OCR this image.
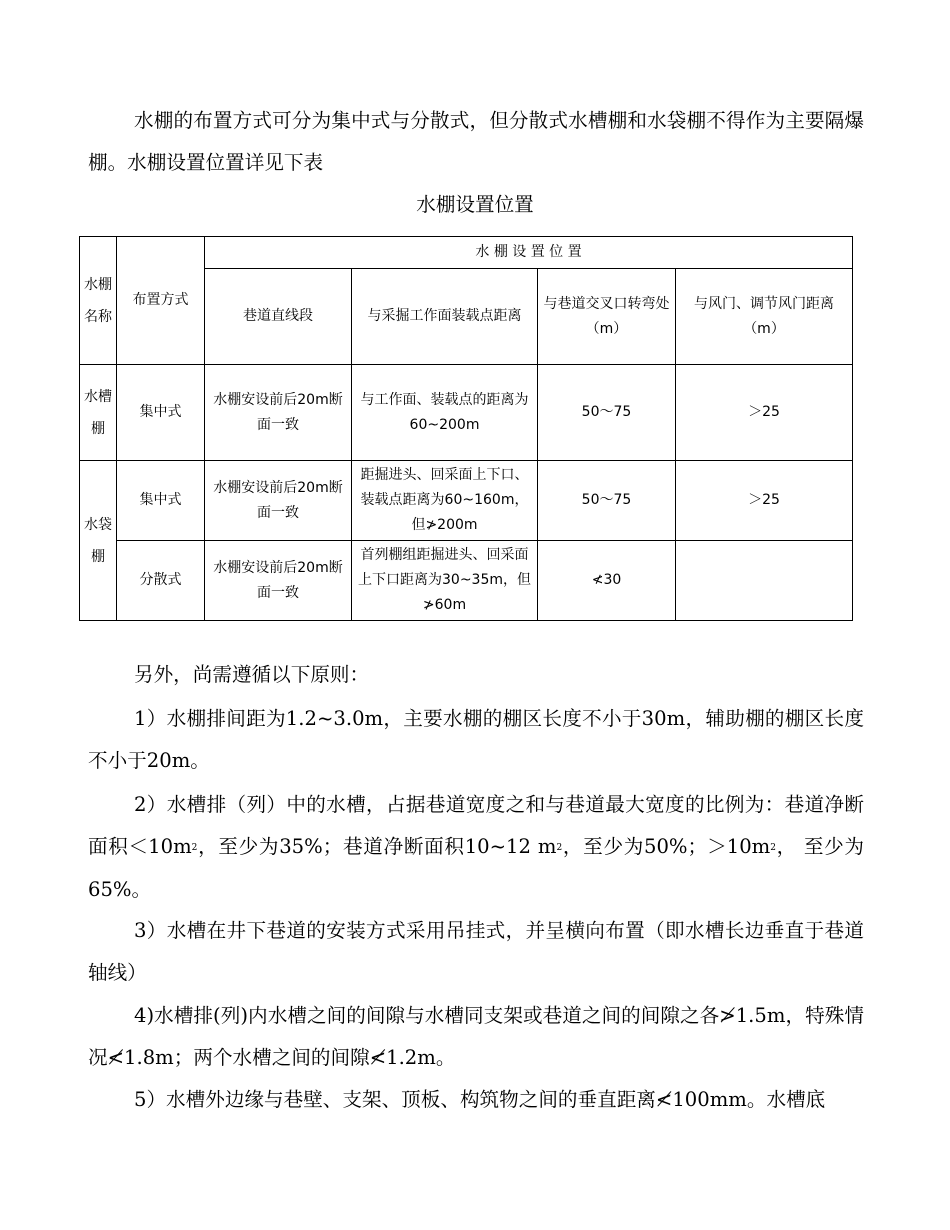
水棚的布置方式可分为集中式与分散式，但分散式水槽棚和水袋棚不得作为主要隔爆棚。水棚设置位置详见下表

水棚设置位置
水棚名称	布置方式	水 棚 设 置 位 置			
		巷道直线段	与采掘工作面装载点距离	与巷道交叉口转弯处（m）	与风门、调节风门距离（m）
水槽棚	集中式	水棚安设前后20m断面一致	与工作面、装载点的距离为60~200m	50～75	＞25
水袋棚	集中式	水棚安设前后20m断面一致	距掘进头、回采面上下口、装载点距离为60~160m，但≯200m	50～75	＞25
	分散式	水棚安设前后20m断面一致	首列棚组距掘进头、回采面上下口距离为30~35m，但≯60m	≮30	

另外，尚需遵循以下原则：

1）水棚排间距为1.2~3.0m，主要水棚的棚区长度不小于30m，辅助棚的棚区长度不小于20m。

2）水槽排（列）中的水槽，占据巷道宽度之和与巷道最大宽度的比例为：巷道净断面积$<10m^2$，至少为35%；巷道净断面积10~12 $m^2$，至少为50%；$>10m^2$， 至少为65%。

3）水槽在井下巷道的安装方式采用吊挂式，并呈横向布置（即水槽长边垂直于巷道轴线）

4)水槽排(列)内水槽之间的间隙与水槽同支架或巷道之间的间隙之各≯1.5m，特殊情况≮1.8m；两个水槽之间的间隙≮1.2m。

5）水槽外边缘与巷壁、支架、顶板、构筑物之间的垂直距离≮100mm。水槽底
